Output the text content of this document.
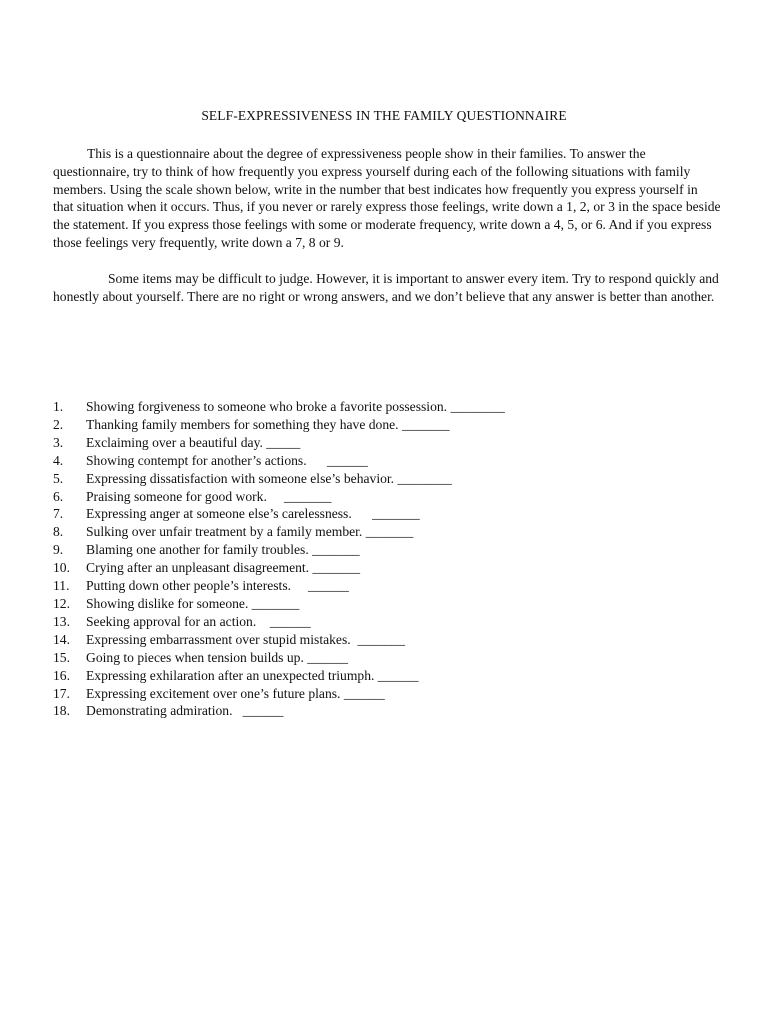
SELF-EXPRESSIVENESS IN THE FAMILY QUESTIONNAIRE

This is a questionnaire about the degree of expressiveness people show in their families. To answer the questionnaire, try to think of how frequently you express yourself during each of the following situations with family members. Using the scale shown below, write in the number that best indicates how frequently you express yourself in that situation when it occurs. Thus, if you never or rarely express those feelings, write down a 1, 2, or 3 in the space beside the statement. If you express those feelings with some or moderate frequency, write down a 4, 5, or 6. And if you express those feelings very frequently, write down a 7, 8 or 9.

Some items may be difficult to judge. However, it is important to answer every item. Try to respond quickly and honestly about yourself. There are no right or wrong answers, and we don’t believe that any answer is better than another.

1.	Showing forgiveness to someone who broke a favorite possession. ________
2.	Thanking family members for something they have done. _______
3.	Exclaiming over a beautiful day. _____
4.	Showing contempt for another’s actions.      ______
5.	Expressing dissatisfaction with someone else’s behavior. ________
6.	Praising someone for good work.     _______
7.	Expressing anger at someone else’s carelessness.      _______
8.	Sulking over unfair treatment by a family member. _______
9.	Blaming one another for family troubles. _______
10.	Crying after an unpleasant disagreement. _______
11.	Putting down other people’s interests.     ______
12.	Showing dislike for someone. _______
13.	Seeking approval for an action.    ______
14.	Expressing embarrassment over stupid mistakes.  _______
15.	Going to pieces when tension builds up. ______
16.	Expressing exhilaration after an unexpected triumph. ______
17.	Expressing excitement over one’s future plans. ______
18.	Demonstrating admiration.   ______
